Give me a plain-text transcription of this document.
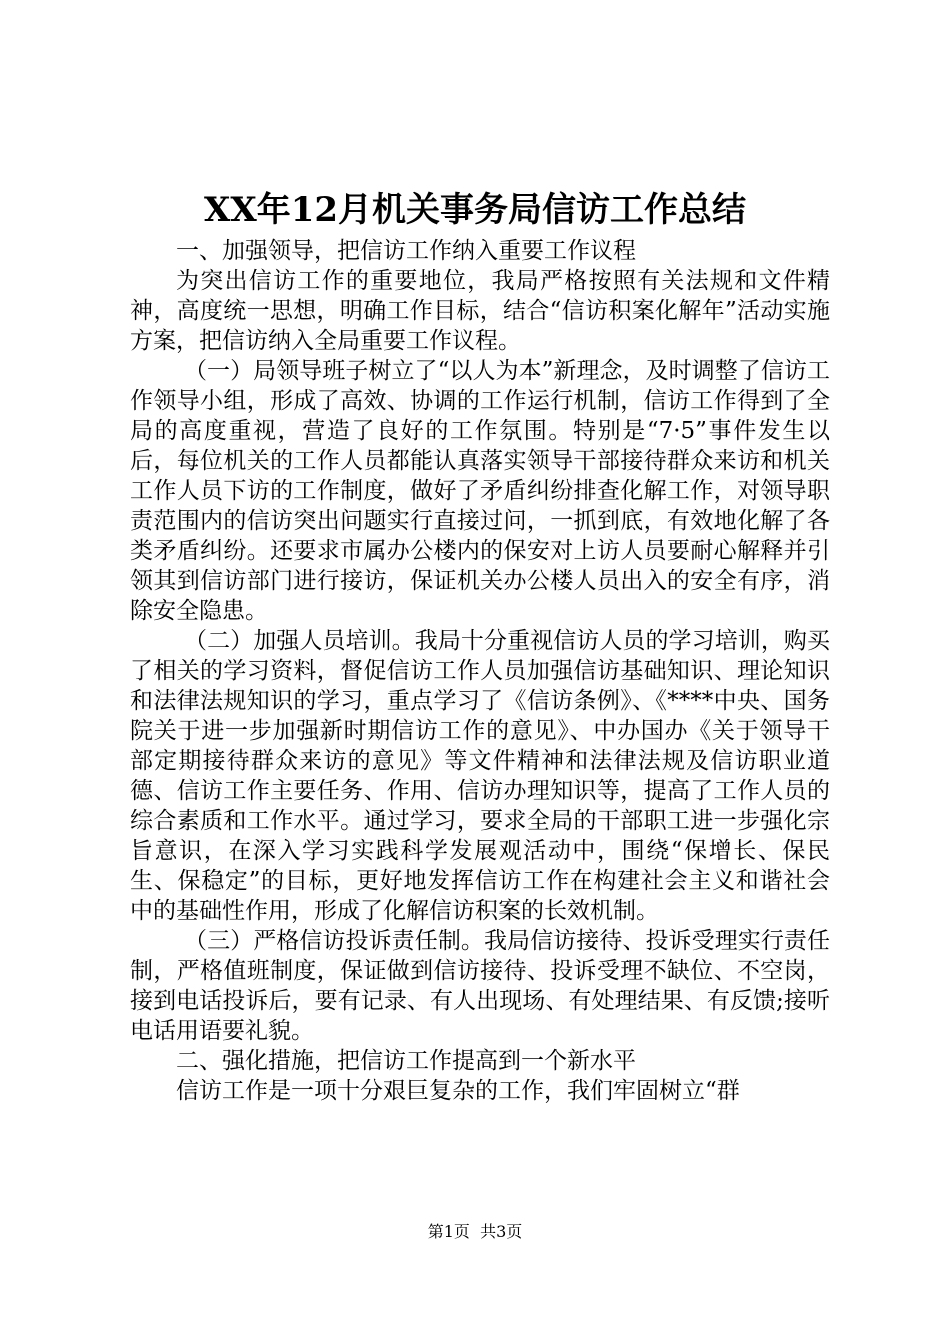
XX年12月机关事务局信访工作总结

一、加强领导，把信访工作纳入重要工作议程

为突出信访工作的重要地位，我局严格按照有关法规和文件精神，高度统一思想，明确工作目标，结合“信访积案化解年”活动实施方案，把信访纳入全局重要工作议程。

（一）局领导班子树立了“以人为本”新理念，及时调整了信访工作领导小组，形成了高效、协调的工作运行机制，信访工作得到了全局的高度重视，营造了良好的工作氛围。特别是“7·5”事件发生以后，每位机关的工作人员都能认真落实领导干部接待群众来访和机关工作人员下访的工作制度，做好了矛盾纠纷排查化解工作，对领导职责范围内的信访突出问题实行直接过问，一抓到底，有效地化解了各类矛盾纠纷。还要求市属办公楼内的保安对上访人员要耐心解释并引领其到信访部门进行接访，保证机关办公楼人员出入的安全有序，消除安全隐患。

（二）加强人员培训。我局十分重视信访人员的学习培训，购买了相关的学习资料，督促信访工作人员加强信访基础知识、理论知识和法律法规知识的学习，重点学习了《信访条例》、《****中央、国务院关于进一步加强新时期信访工作的意见》、中办国办《关于领导干部定期接待群众来访的意见》等文件精神和法律法规及信访职业道德、信访工作主要任务、作用、信访办理知识等，提高了工作人员的综合素质和工作水平。通过学习，要求全局的干部职工进一步强化宗旨意识，在深入学习实践科学发展观活动中，围绕“保增长、保民生、保稳定”的目标，更好地发挥信访工作在构建社会主义和谐社会中的基础性作用，形成了化解信访积案的长效机制。

（三）严格信访投诉责任制。我局信访接待、投诉受理实行责任制，严格值班制度，保证做到信访接待、投诉受理不缺位、不空岗，接到电话投诉后，要有记录、有人出现场、有处理结果、有反馈;接听电话用语要礼貌。

二、强化措施，把信访工作提高到一个新水平

信访工作是一项十分艰巨复杂的工作，我们牢固树立“群

第1页  共3页
